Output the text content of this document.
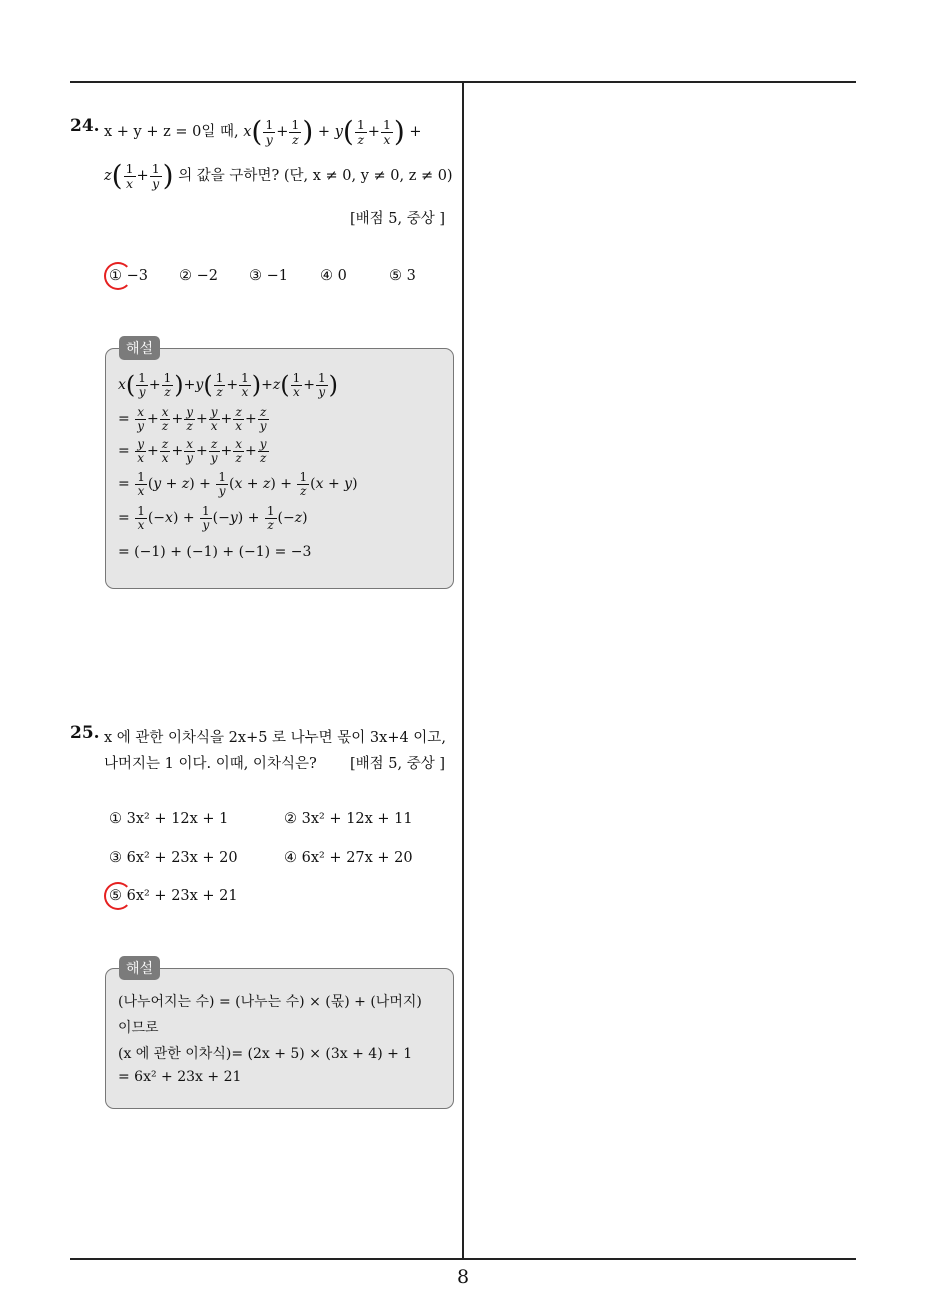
24. x + y + z = 0일 때, $x( \frac{1}{y} + \frac{1}{z}$ ) + $y( \frac{1}{z} + \frac{1}{x}$ ) +
$z( \frac{1}{x} + \frac{1}{y}$ ) 의 값을 구하면? (단, x ≠ 0, y ≠ 0, z ≠ 0)
[배점 5, 중상 ]
① −3 ② −2 ③ −1 ④ 0	⑤ 3
해설
$x( \frac{1}{y} + \frac{1}{z} )+y( \frac{1}{z} + \frac{1}{x} )+z( \frac{1}{x} + \frac{1}{y}$ )
= $\frac{x}{y} + \frac{x}{z} + \frac{y}{z} + \frac{y}{x} + \frac{z}{x} + \frac{z}{y}$
= $\frac{y}{x} + \frac{z}{x} + \frac{x}{y} + \frac{z}{y} + \frac{x}{z} + \frac{y}{z}$
= $\frac{1}{x} (y + z) + \frac{1}{y} (x + z) + \frac{1}{z} (x + y)$
= $\frac{1}{x} (-x) + \frac{1}{y} (-y) + \frac{1}{z} (-z)$
= (−1) + (−1) + (−1) = −3
25. x 에 관한 이차식을 2x+5 로 나누면 몫이 3x+4 이고,
나머지는 1 이다. 이때, 이차식은? [배점 5, 중상 ]
① 3x² + 12x + 1	② 3x² + 12x + 11
③ 6x² + 23x + 20	④ 6x² + 27x + 20
⑤ 6x² + 23x + 21
해설
(나누어지는 수) = (나누는 수) × (몫) + (나머지)
이므로
(x 에 관한 이차식)= (2x + 5) × (3x + 4) + 1
= 6x² + 23x + 21
8
